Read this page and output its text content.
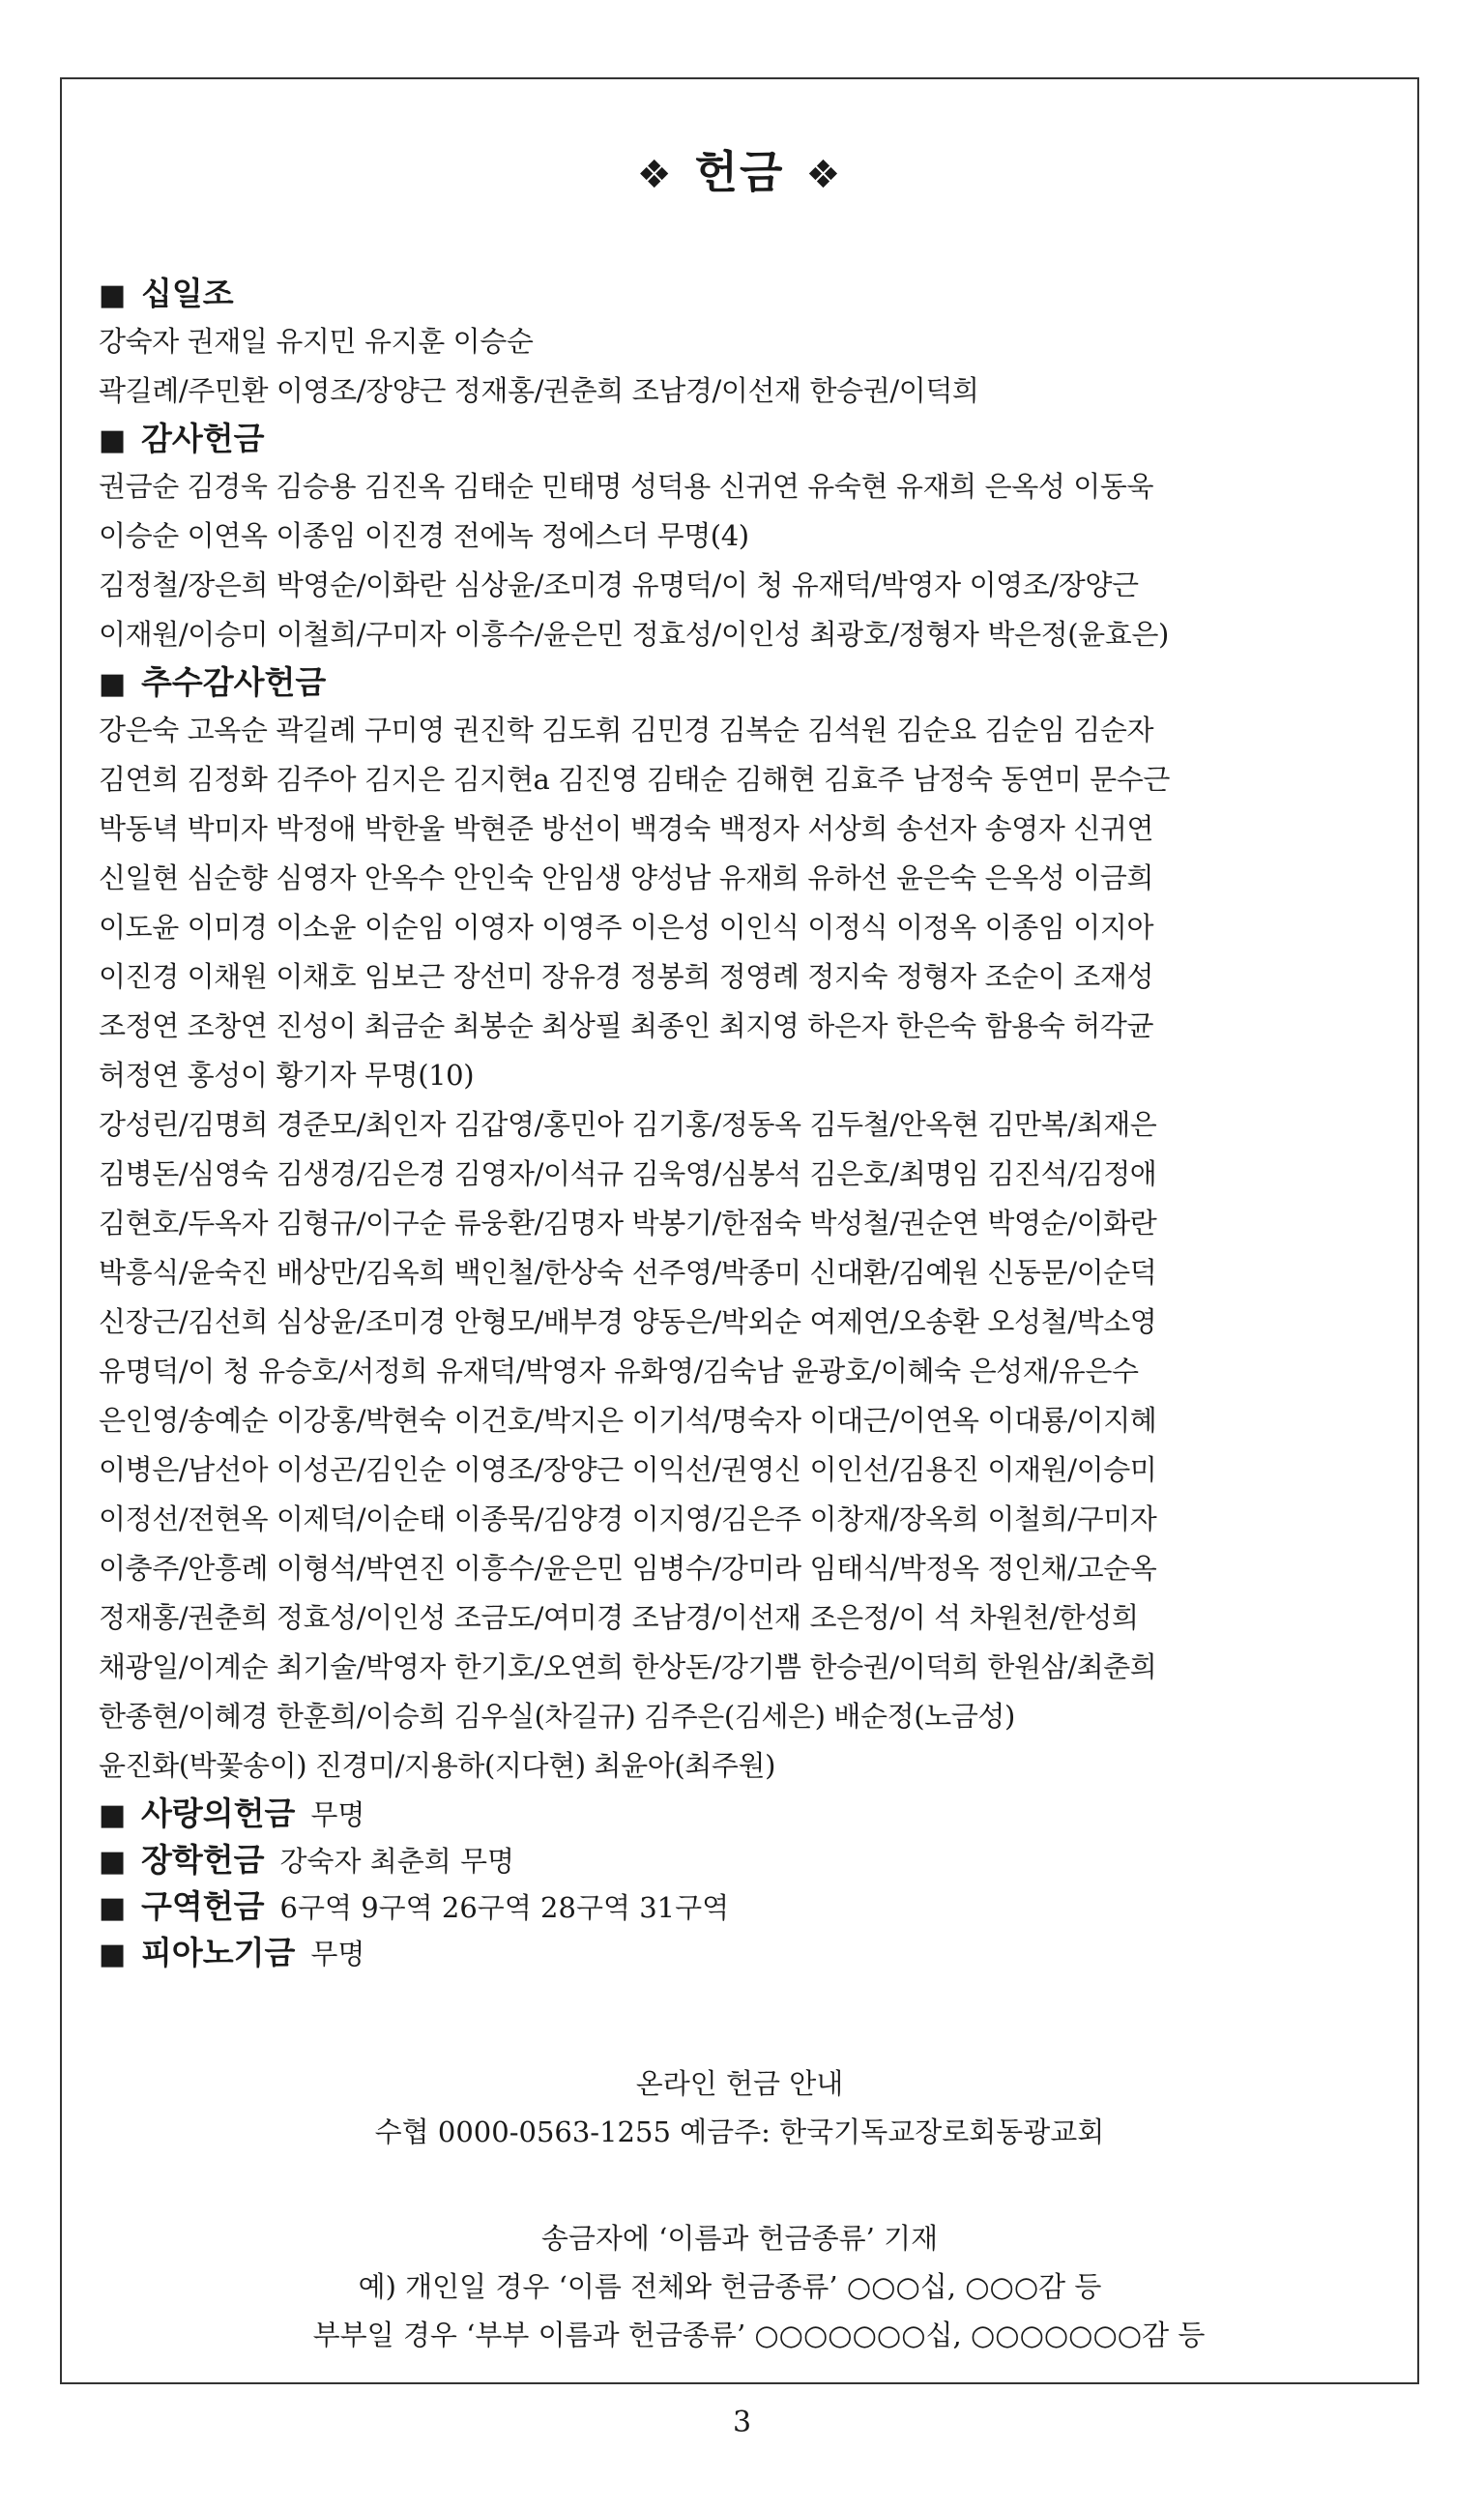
❖ 헌금 ❖
■ 십일조
강숙자 권재일 유지민 유지훈 이승순
곽길례/주민환 이영조/장양근 정재홍/권춘희 조남경/이선재 한승권/이덕희
■ 감사헌금
권금순 김경욱 김승용 김진옥 김태순 민태명 성덕용 신귀연 유숙현 유재희 은옥성 이동욱
이승순 이연옥 이종임 이진경 전에녹 정에스더 무명(4)
김정철/장은희 박영순/이화란 심상윤/조미경 유명덕/이 청 유재덕/박영자 이영조/장양근
이재원/이승미 이철희/구미자 이흥수/윤은민 정효성/이인성 최광호/정형자 박은정(윤효은)
■ 추수감사헌금
강은숙 고옥순 곽길례 구미영 권진학 김도휘 김민경 김복순 김석원 김순요 김순임 김순자
김연희 김정화 김주아 김지은 김지현a 김진영 김태순 김해현 김효주 남정숙 동연미 문수근
박동녁 박미자 박정애 박한울 박현준 방선이 백경숙 백정자 서상희 송선자 송영자 신귀연
신일현 심순향 심영자 안옥수 안인숙 안임생 양성남 유재희 유하선 윤은숙 은옥성 이금희
이도윤 이미경 이소윤 이순임 이영자 이영주 이은성 이인식 이정식 이정옥 이종임 이지아
이진경 이채원 이채호 임보근 장선미 장유경 정봉희 정영례 정지숙 정형자 조순이 조재성
조정연 조창연 진성이 최금순 최봉순 최상필 최종인 최지영 하은자 한은숙 함용숙 허각균
허정연 홍성이 황기자 무명(10)
강성린/김명희 경준모/최인자 김갑영/홍민아 김기홍/정동옥 김두철/안옥현 김만복/최재은
김병돈/심영숙 김생경/김은경 김영자/이석규 김욱영/심봉석 김은호/최명임 김진석/김정애
김현호/두옥자 김형규/이구순 류웅환/김명자 박봉기/한점숙 박성철/권순연 박영순/이화란
박흥식/윤숙진 배상만/김옥희 백인철/한상숙 선주영/박종미 신대환/김예원 신동문/이순덕
신장근/김선희 심상윤/조미경 안형모/배부경 양동은/박외순 여제연/오송환 오성철/박소영
유명덕/이 청 유승호/서정희 유재덕/박영자 유화영/김숙남 윤광호/이혜숙 은성재/유은수
은인영/송예순 이강홍/박현숙 이건호/박지은 이기석/명숙자 이대근/이연옥 이대룡/이지혜
이병은/남선아 이성곤/김인순 이영조/장양근 이익선/권영신 이인선/김용진 이재원/이승미
이정선/전현옥 이제덕/이순태 이종묵/김양경 이지영/김은주 이창재/장옥희 이철희/구미자
이충주/안흥례 이형석/박연진 이흥수/윤은민 임병수/강미라 임태식/박정옥 정인채/고순옥
정재홍/권춘희 정효성/이인성 조금도/여미경 조남경/이선재 조은정/이 석 차원천/한성희
채광일/이계순 최기술/박영자 한기호/오연희 한상돈/강기쁨 한승권/이덕희 한원삼/최춘희
한종현/이혜경 한훈희/이승희 김우실(차길규) 김주은(김세은) 배순정(노금성)
윤진화(박꽃송이) 진경미/지용하(지다현) 최윤아(최주원)
■ 사랑의헌금 무명
■ 장학헌금 강숙자 최춘희 무명
■ 구역헌금 6구역 9구역 26구역 28구역 31구역
■ 피아노기금 무명
온라인 헌금 안내
수협 0000-0563-1255 예금주: 한국기독교장로회동광교회
송금자에 ‘이름과 헌금종류’ 기재
예) 개인일 경우 ‘이름 전체와 헌금종류’ ○○○십, ○○○감 등
부부일 경우 ‘부부 이름과 헌금종류’ ○○○○○○○십, ○○○○○○○감 등
3
